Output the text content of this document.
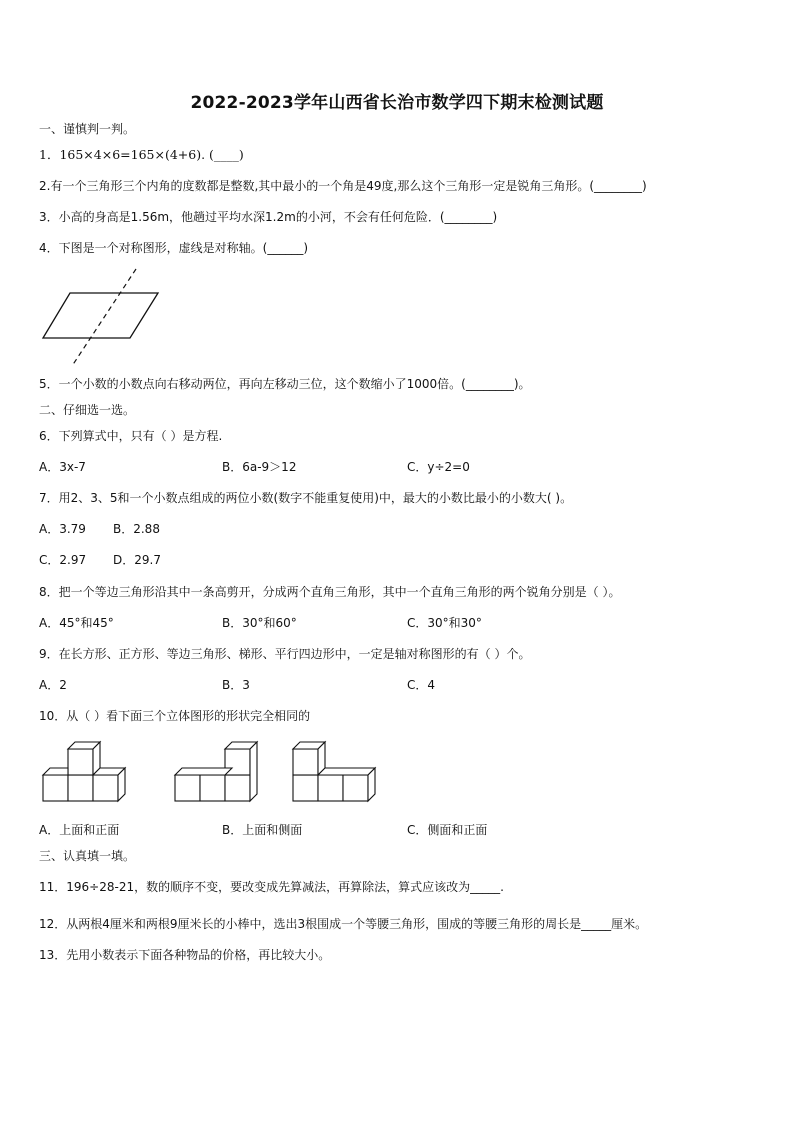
2022-2023学年山西省长治市数学四下期末检测试题
一、谨慎判一判。
1．165×4×6=165×(4+6). (____)
2.有一个三角形三个内角的度数都是整数,其中最小的一个角是49度,那么这个三角形一定是锐角三角形。(________)
3．小高的身高是1.56m，他趟过平均水深1.2m的小河，不会有任何危险．(________)
4．下图是一个对称图形，虚线是对称轴。(______)
5．一个小数的小数点向右移动两位，再向左移动三位，这个数缩小了1000倍。(________)。
二、仔细选一选。
6．下列算式中，只有（ ）是方程.
A．3x-7	B．6a-9＞12	C．y÷2=0
7．用2、3、5和一个小数点组成的两位小数(数字不能重复使用)中，最大的小数比最小的小数大( )。
A．3.79 B．2.88
C．2.97 D．29.7
8．把一个等边三角形沿其中一条高剪开，分成两个直角三角形，其中一个直角三角形的两个锐角分别是（ ）。
A．45°和45°	B．30°和60°	C．30°和30°
9．在长方形、正方形、等边三角形、梯形、平行四边形中，一定是轴对称图形的有（ ）个。
A．2	B．3	C．4
10．从（ ）看下面三个立体图形的形状完全相同的
A．上面和正面	B．上面和侧面	C．侧面和正面
三、认真填一填。
11．196÷28-21，数的顺序不变，要改变成先算减法，再算除法，算式应该改为_____.
12．从两根4厘米和两根9厘米长的小棒中，选出3根围成一个等腰三角形，围成的等腰三角形的周长是_____厘米。
13．先用小数表示下面各种物品的价格，再比较大小。
